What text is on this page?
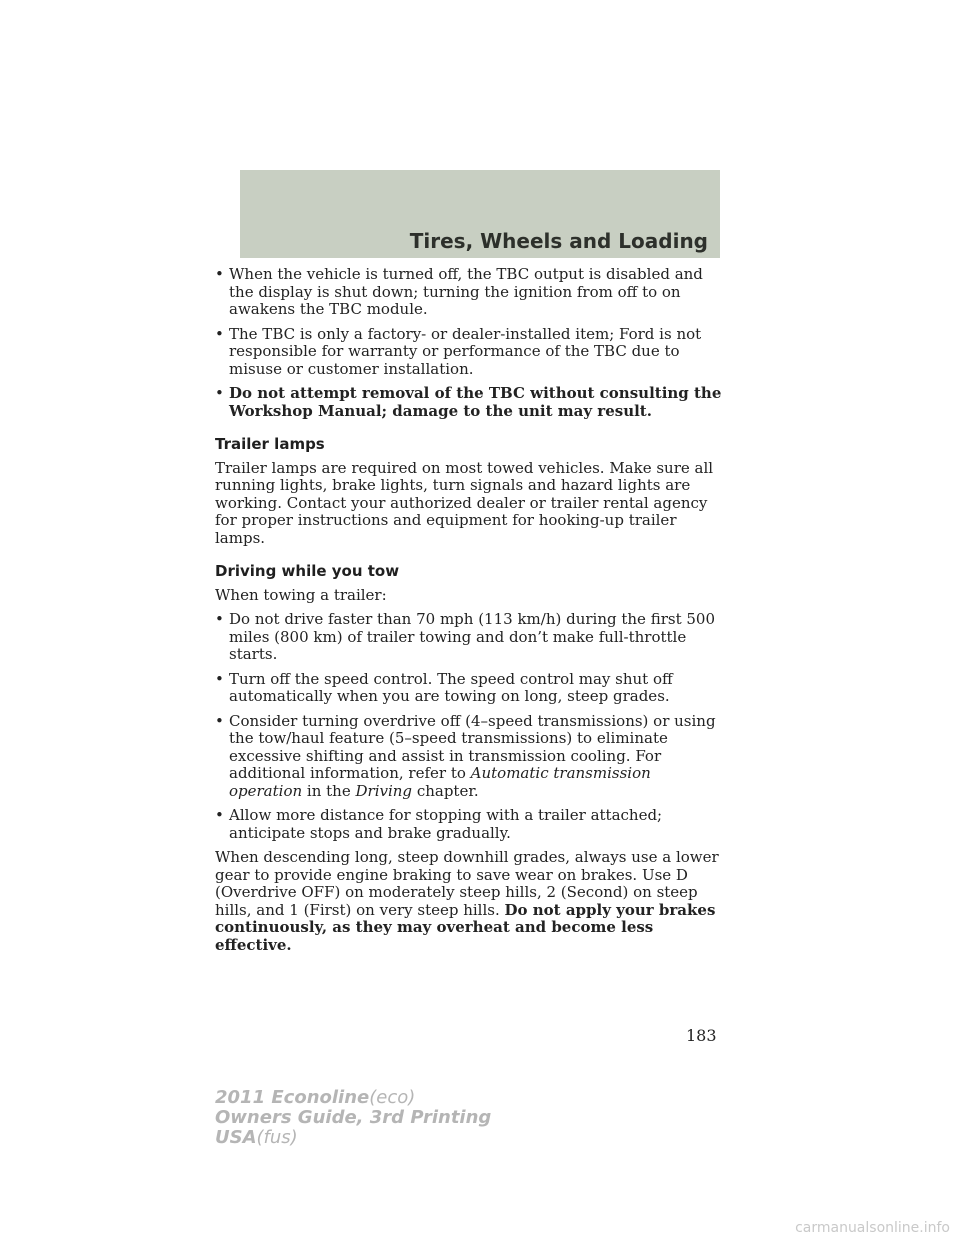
Tires, Wheels and Loading
• When the vehicle is turned off, the TBC output is disabled and the display is shut down; turning the ignition from off to on awakens the TBC module.
• The TBC is only a factory- or dealer-installed item; Ford is not responsible for warranty or performance of the TBC due to misuse or customer installation.
• Do not attempt removal of the TBC without consulting the Workshop Manual; damage to the unit may result.
Trailer lamps

Trailer lamps are required on most towed vehicles. Make sure all running lights, brake lights, turn signals and hazard lights are working. Contact your authorized dealer or trailer rental agency for proper instructions and equipment for hooking-up trailer lamps.

Driving while you tow

When towing a trailer:

• Do not drive faster than 70 mph (113 km/h) during the first 500 miles (800 km) of trailer towing and don’t make full-throttle starts.
• Turn off the speed control. The speed control may shut off automatically when you are towing on long, steep grades.
• Consider turning overdrive off (4–speed transmissions) or using the tow/haul feature (5–speed transmissions) to eliminate excessive shifting and assist in transmission cooling. For additional information, refer to Automatic transmission operation in the Driving chapter.
• Allow more distance for stopping with a trailer attached; anticipate stops and brake gradually.

When descending long, steep downhill grades, always use a lower gear to provide engine braking to save wear on brakes. Use D (Overdrive OFF) on moderately steep hills, 2 (Second) on steep hills, and 1 (First) on very steep hills. Do not apply your brakes continuously, as they may overheat and become less effective.

183
2011 Econoline(eco)
Owners Guide, 3rd Printing
USA(fus)
carmanualsonline.info
